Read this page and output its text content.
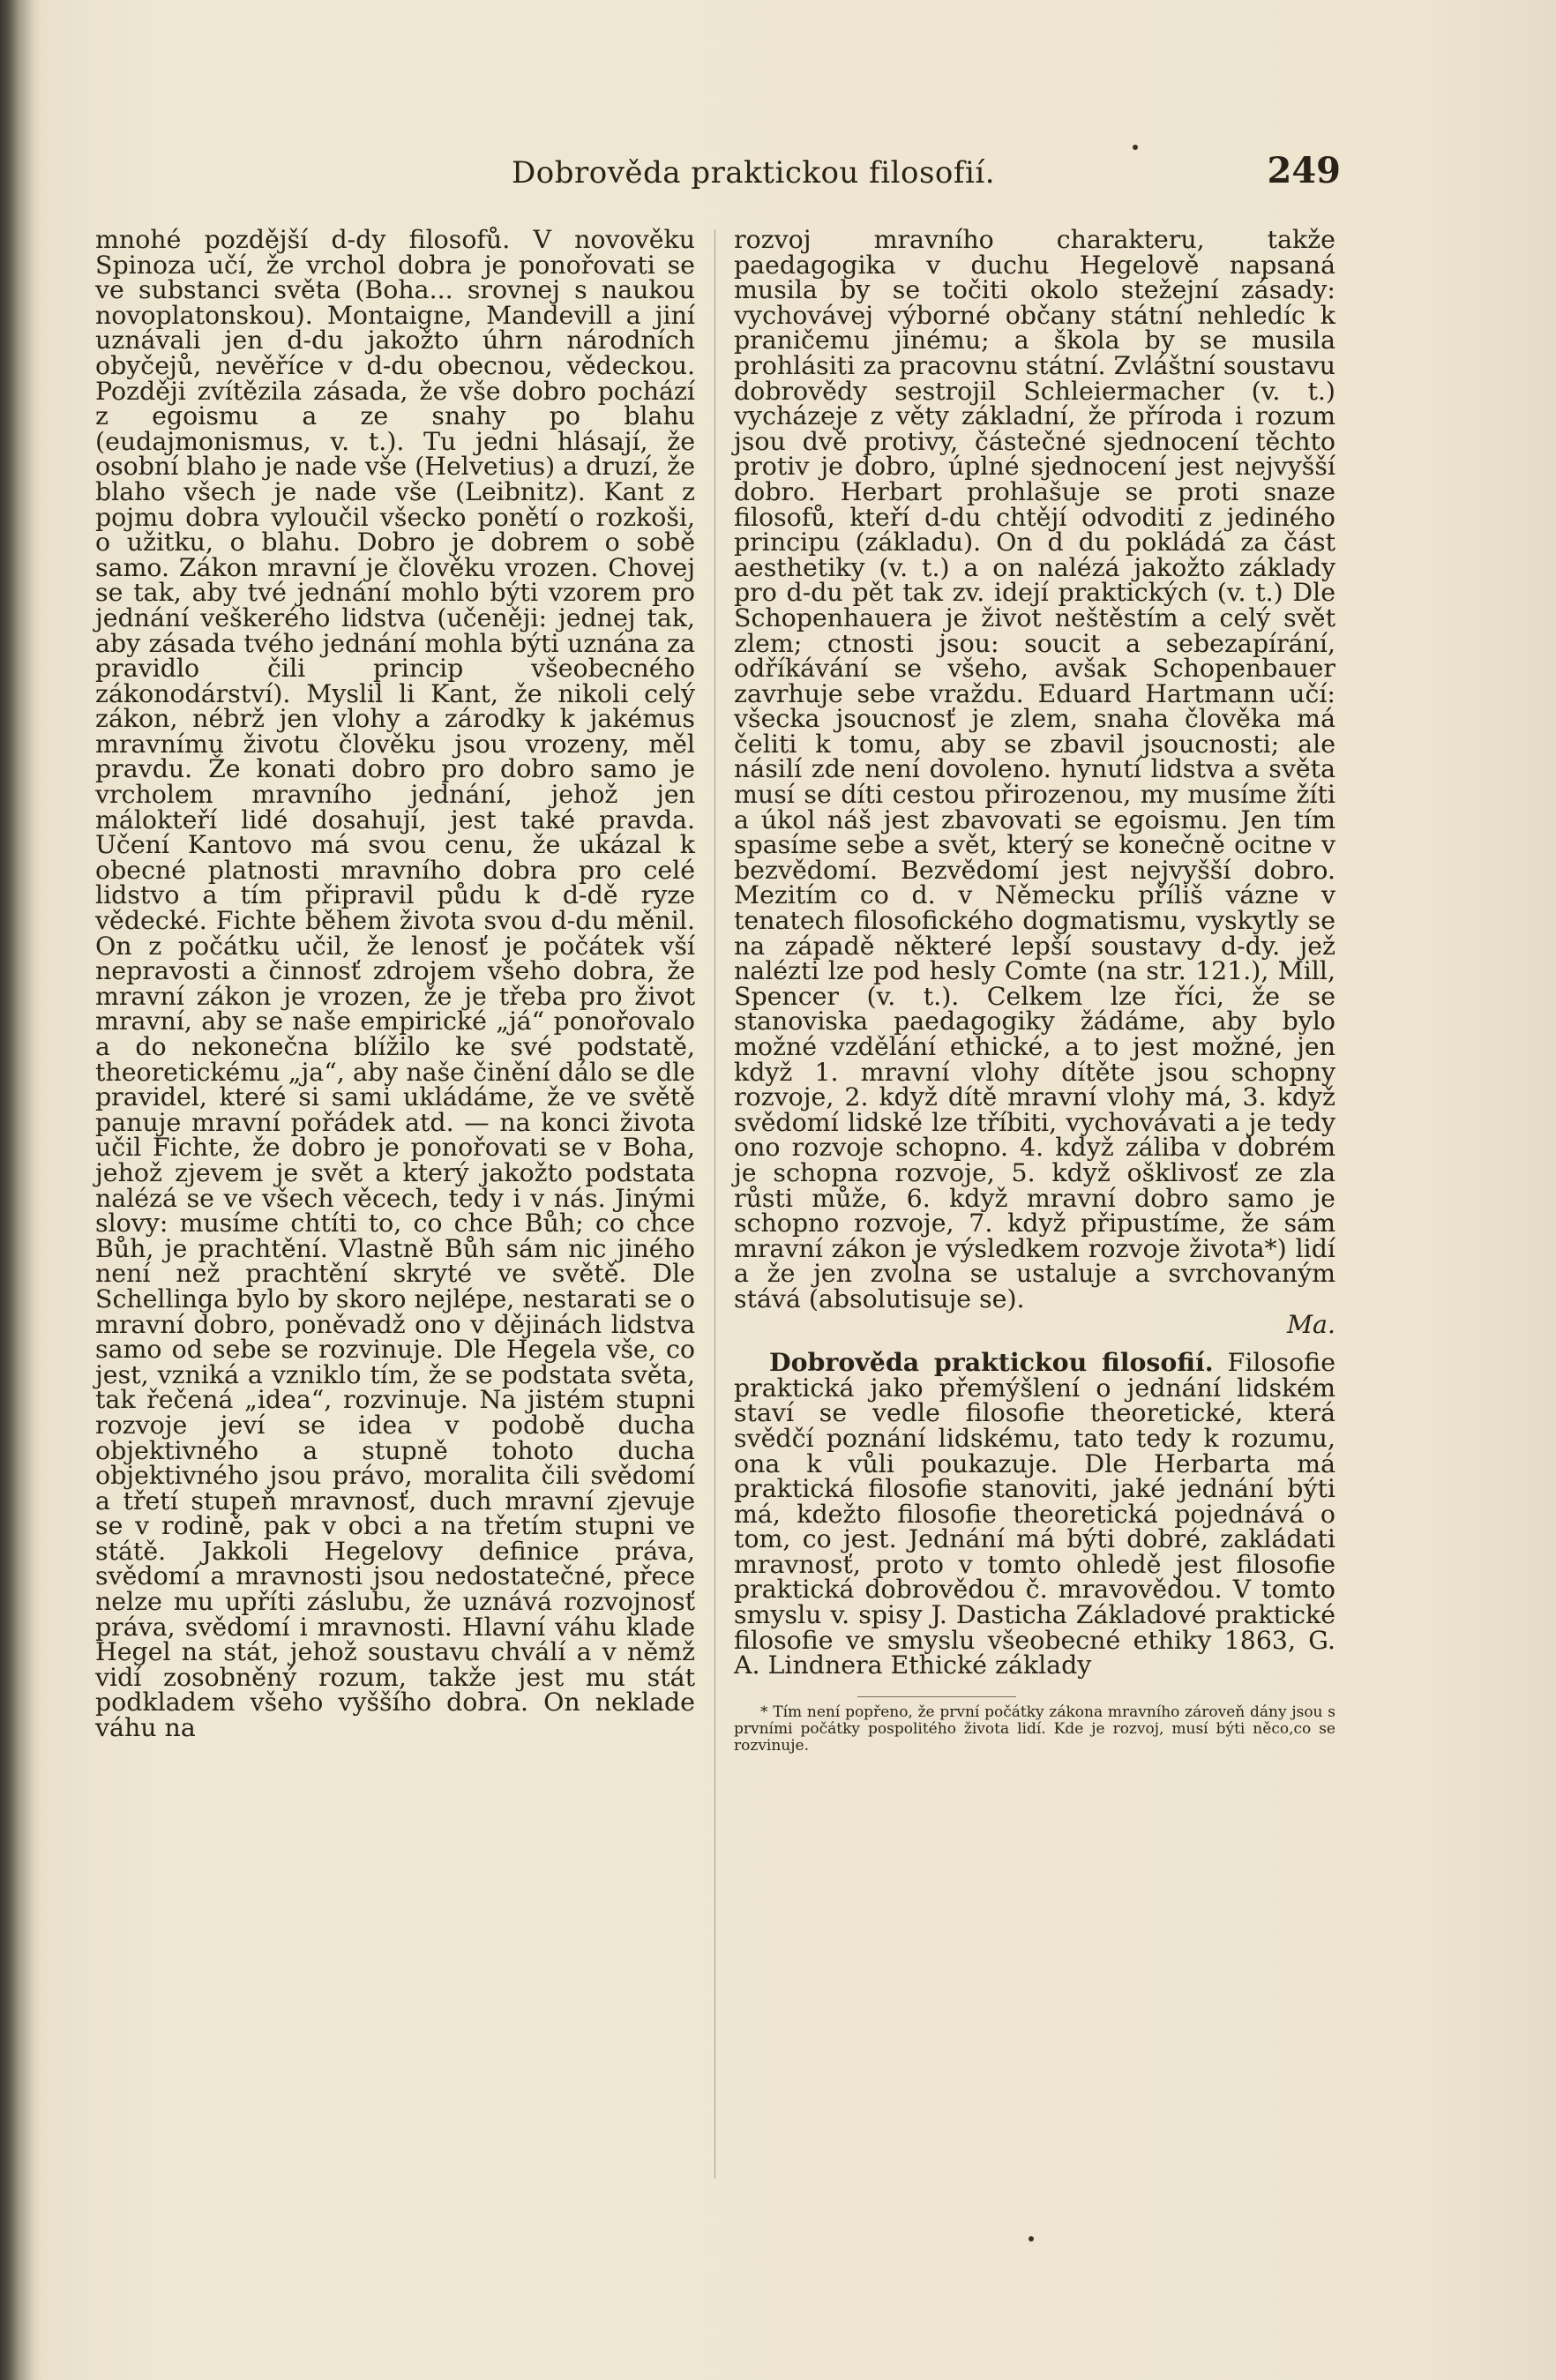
Dobrověda praktickou filosofií.	249

mnohé pozdější d-dy filosofů. V novověku Spinoza učí, že vrchol dobra je ponořovati se ve substanci světa (Boha... srovnej s naukou novoplatonskou). Montaigne, Mandevill a jiní uznávali jen d-du jakožto úhrn národních obyčejů, nevěříce v d-du obecnou, vědeckou. Později zvítězila zásada, že vše dobro pochází z egoismu a ze snahy po blahu (eudajmonismus, v. t.). Tu jedni hlásají, že osobní blaho je nade vše (Helvetius) a druzí, že blaho všech je nade vše (Leibnitz). Kant z pojmu dobra vyloučil všecko ponětí o rozkoši, o užitku, o blahu. Dobro je dobrem o sobě samo. Zákon mravní je člověku vrozen. Chovej se tak, aby tvé jednání mohlo býti vzorem pro jednání veškerého lidstva (učeněji: jednej tak, aby zásada tvého jednání mohla býti uznána za pravidlo čili princip všeobecného zákonodárství). Myslil li Kant, že nikoli celý zákon, nébrž jen vlohy a zárodky k jakémus mravnímu životu člověku jsou vrozeny, měl pravdu. Že konati dobro pro dobro samo je vrcholem mravního jednání, jehož jen málokteří lidé dosahují, jest také pravda. Učení Kantovo má svou cenu, že ukázal k obecné platnosti mravního dobra pro celé lidstvo a tím připravil půdu k d-dě ryze vědecké. Fichte během života svou d-du měnil. On z počátku učil, že lenosť je počátek vší nepravosti a činnosť zdrojem všeho dobra, že mravní zákon je vrozen, že je třeba pro život mravní, aby se naše empirické „já“ ponořovalo a do nekonečna blížilo ke své podstatě, theoretickému „ja“, aby naše činění dálo se dle pravidel, které si sami ukládáme, že ve světě panuje mravní pořádek atd. — na konci života učil Fichte, že dobro je ponořovati se v Boha, jehož zjevem je svět a který jakožto podstata nalézá se ve všech věcech, tedy i v nás. Jinými slovy: musíme chtíti to, co chce Bůh; co chce Bůh, je prachtění. Vlastně Bůh sám nic jiného není než prachtění skryté ve světě. Dle Schellinga bylo by skoro nejlépe, nestarati se o mravní dobro, poněvadž ono v dějinách lidstva samo od sebe se rozvinuje. Dle Hegela vše, co jest, vzniká a vzniklo tím, že se podstata světa, tak řečená „idea“, rozvinuje. Na jistém stupni rozvoje jeví se idea v podobě ducha objektivného a stupně tohoto ducha objektivného jsou právo, moralita čili svědomí a třetí stupeň mravnosť, duch mravní zjevuje se v rodině, pak v obci a na třetím stupni ve státě. Jakkoli Hegelovy definice práva, svědomí a mravnosti jsou nedostatečné, přece nelze mu upříti záslubu, že uznává rozvojnosť práva, svědomí i mravnosti. Hlavní váhu klade Hegel na stát, jehož soustavu chválí a v němž vidí zosobněný rozum, takže jest mu stát podkladem všeho vyššího dobra. On neklade váhu na

rozvoj mravního charakteru, takže paedagogika v duchu Hegelově napsaná musila by se točiti okolo stežejní zásady: vychovávej výborné občany státní nehledíc k praničemu jinému; a škola by se musila prohlásiti za pracovnu státní. Zvláštní soustavu dobrovědy sestrojil Schleiermacher (v. t.) vycházeje z věty základní, že příroda i rozum jsou dvě protivy, částečné sjednocení těchto protiv je dobro, úplné sjednocení jest nejvyšší dobro. Herbart prohlašuje se proti snaze filosofů, kteří d-du chtějí odvoditi z jediného principu (základu). On d du pokládá za část aesthetiky (v. t.) a on nalézá jakožto základy pro d-du pět tak zv. idejí praktických (v. t.) Dle Schopenhauera je život neštěstím a celý svět zlem; ctnosti jsou: soucit a sebezapírání, odříkávání se všeho, avšak Schopenbauer zavrhuje sebe vraždu. Eduard Hartmann učí: všecka jsoucnosť je zlem, snaha člověka má čeliti k tomu, aby se zbavil jsoucnosti; ale násilí zde není dovoleno. hynutí lidstva a světa musí se díti cestou přirozenou, my musíme žíti a úkol náš jest zbavovati se egoismu. Jen tím spasíme sebe a svět, který se konečně ocitne v bezvědomí. Bezvědomí jest nejvyšší dobro. Mezitím co d. v Německu příliš vázne v tenatech filosofického dogmatismu, vyskytly se na západě některé lepší soustavy d-dy. jež nalézti lze pod hesly Comte (na str. 121.), Mill, Spencer (v. t.). Celkem lze říci, že se stanoviska paedagogiky žádáme, aby bylo možné vzdělání ethické, a to jest možné, jen když 1. mravní vlohy dítěte jsou schopny rozvoje, 2. když dítě mravní vlohy má, 3. když svědomí lidské lze tříbiti, vychovávati a je tedy ono rozvoje schopno. 4. když záliba v dobrém je schopna rozvoje, 5. když ošklivosť ze zla růsti může, 6. když mravní dobro samo je schopno rozvoje, 7. když připustíme, že sám mravní zákon je výsledkem rozvoje života*) lidí a že jen zvolna se ustaluje a svrchovaným stává (absolutisuje se).

Ma.

Dobrověda praktickou filosofií. Filosofie praktická jako přemýšlení o jednání lidském staví se vedle filosofie theoretické, která svědčí poznání lidskému, tato tedy k rozumu, ona k vůli poukazuje. Dle Herbarta má praktická filosofie stanoviti, jaké jednání býti má, kdežto filosofie theoretická pojednává o tom, co jest. Jednání má býti dobré, zakládati mravnosť, proto v tomto ohledě jest filosofie praktická dobrovědou č. mravovědou. V tomto smyslu v. spisy J. Dasticha Základové praktické filosofie ve smyslu všeobecné ethiky 1863, G. A. Lindnera Ethické základy

* Tím není popřeno, že první počátky zákona mravního zároveň dány jsou s prvními počátky pospolitého života lidí. Kde je rozvoj, musí býti něco,co se rozvinuje.
